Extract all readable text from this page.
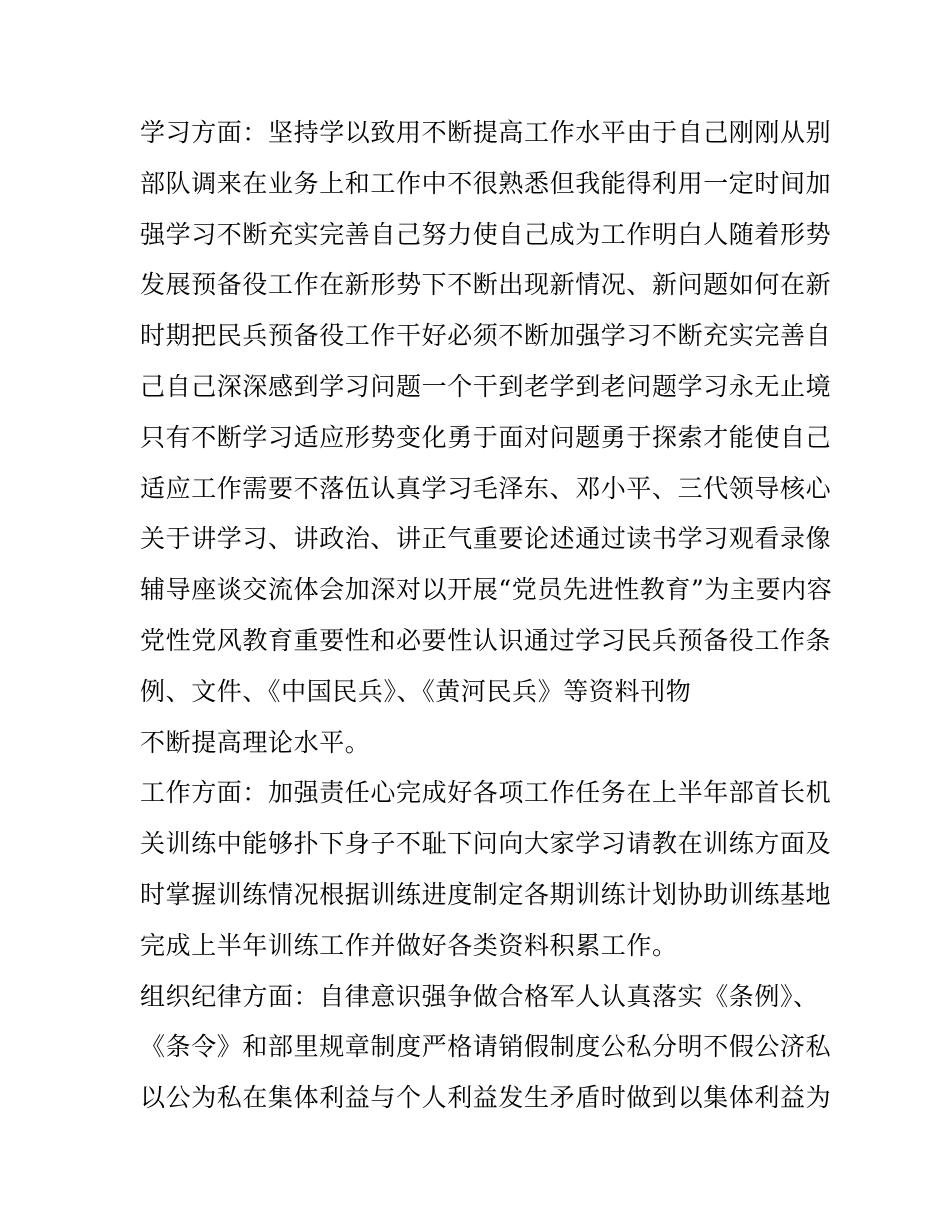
学习方面：坚持学以致用不断提高工作水平由于自己刚刚从别
部队调来在业务上和工作中不很熟悉但我能得利用一定时间加
强学习不断充实完善自己努力使自己成为工作明白人随着形势
发展预备役工作在新形势下不断出现新情况、新问题如何在新
时期把民兵预备役工作干好必须不断加强学习不断充实完善自
己自己深深感到学习问题一个干到老学到老问题学习永无止境
只有不断学习适应形势变化勇于面对问题勇于探索才能使自己
适应工作需要不落伍认真学习毛泽东、邓小平、三代领导核心
关于讲学习、讲政治、讲正气重要论述通过读书学习观看录像
辅导座谈交流体会加深对以开展“党员先进性教育”为主要内容
党性党风教育重要性和必要性认识通过学习民兵预备役工作条
例、文件、《中国民兵》、《黄河民兵》等资料刊物
不断提高理论水平。
工作方面：加强责任心完成好各项工作任务在上半年部首长机
关训练中能够扑下身子不耻下问向大家学习请教在训练方面及
时掌握训练情况根据训练进度制定各期训练计划协助训练基地
完成上半年训练工作并做好各类资料积累工作。
组织纪律方面：自律意识强争做合格军人认真落实《条例》、
《条令》和部里规章制度严格请销假制度公私分明不假公济私
以公为私在集体利益与个人利益发生矛盾时做到以集体利益为
